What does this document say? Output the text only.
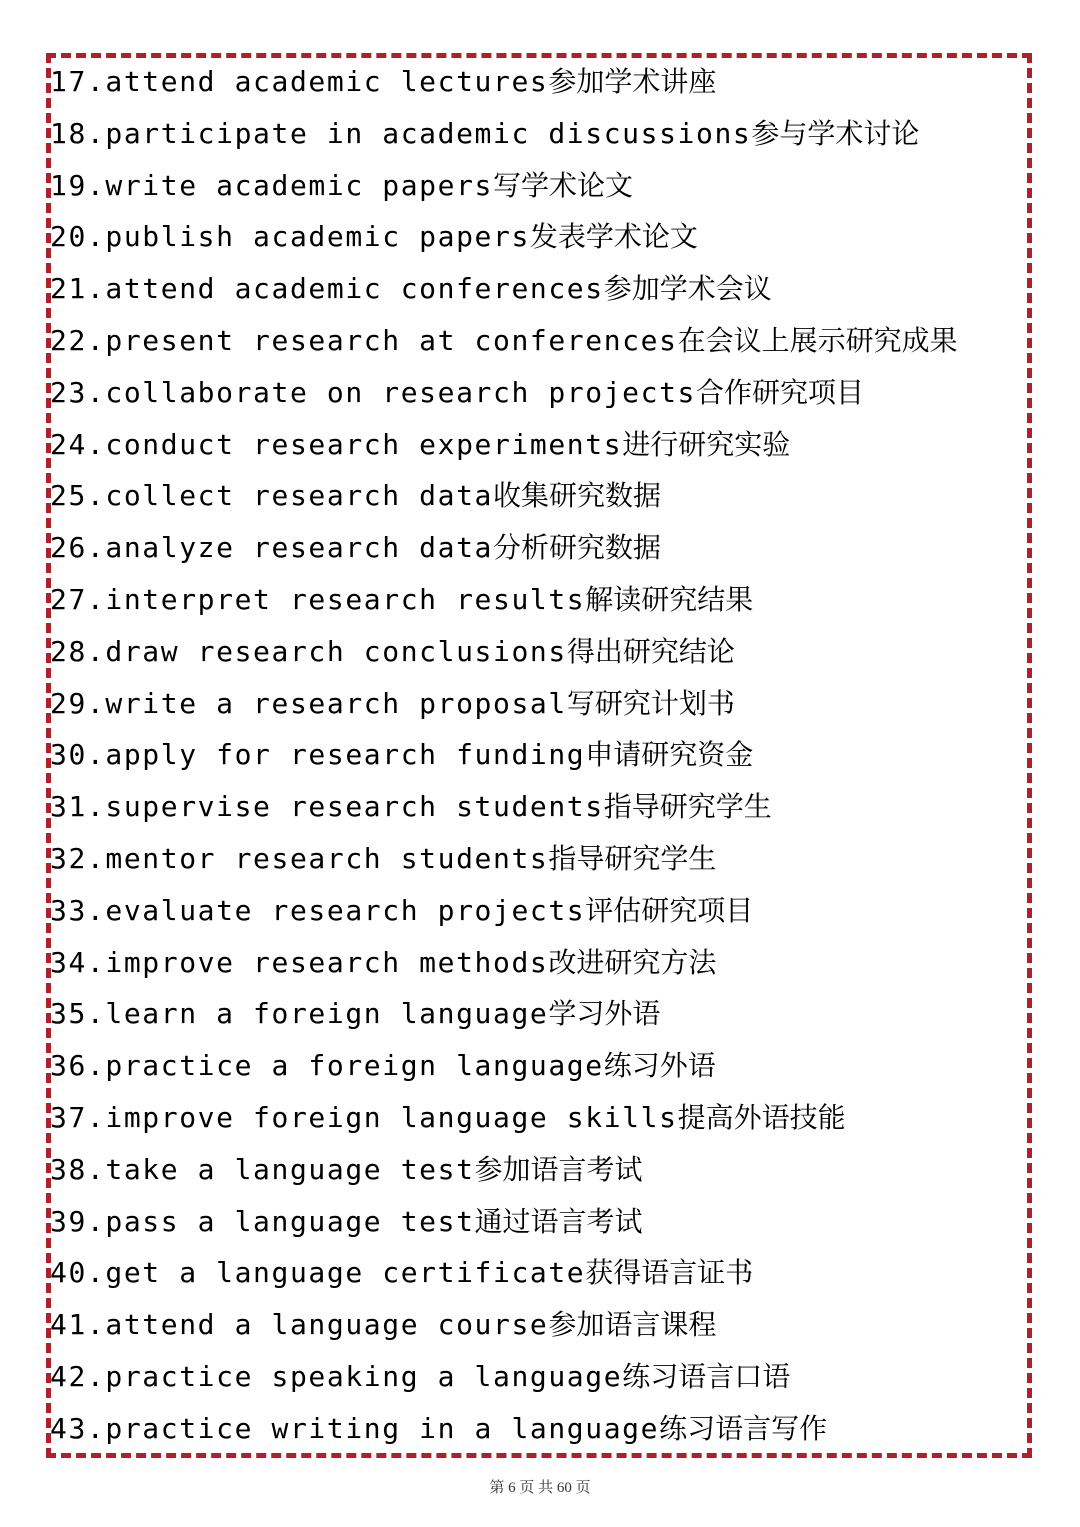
17.attend academic lectures参加学术讲座
18.participate in academic discussions参与学术讨论
19.write academic papers写学术论文
20.publish academic papers发表学术论文
21.attend academic conferences参加学术会议
22.present research at conferences在会议上展示研究成果
23.collaborate on research projects合作研究项目
24.conduct research experiments进行研究实验
25.collect research data收集研究数据
26.analyze research data分析研究数据
27.interpret research results解读研究结果
28.draw research conclusions得出研究结论
29.write a research proposal写研究计划书
30.apply for research funding申请研究资金
31.supervise research students指导研究学生
32.mentor research students指导研究学生
33.evaluate research projects评估研究项目
34.improve research methods改进研究方法
35.learn a foreign language学习外语
36.practice a foreign language练习外语
37.improve foreign language skills提高外语技能
38.take a language test参加语言考试
39.pass a language test通过语言考试
40.get a language certificate获得语言证书
41.attend a language course参加语言课程
42.practice speaking a language练习语言口语
43.practice writing in a language练习语言写作
第 6 页 共 60 页
